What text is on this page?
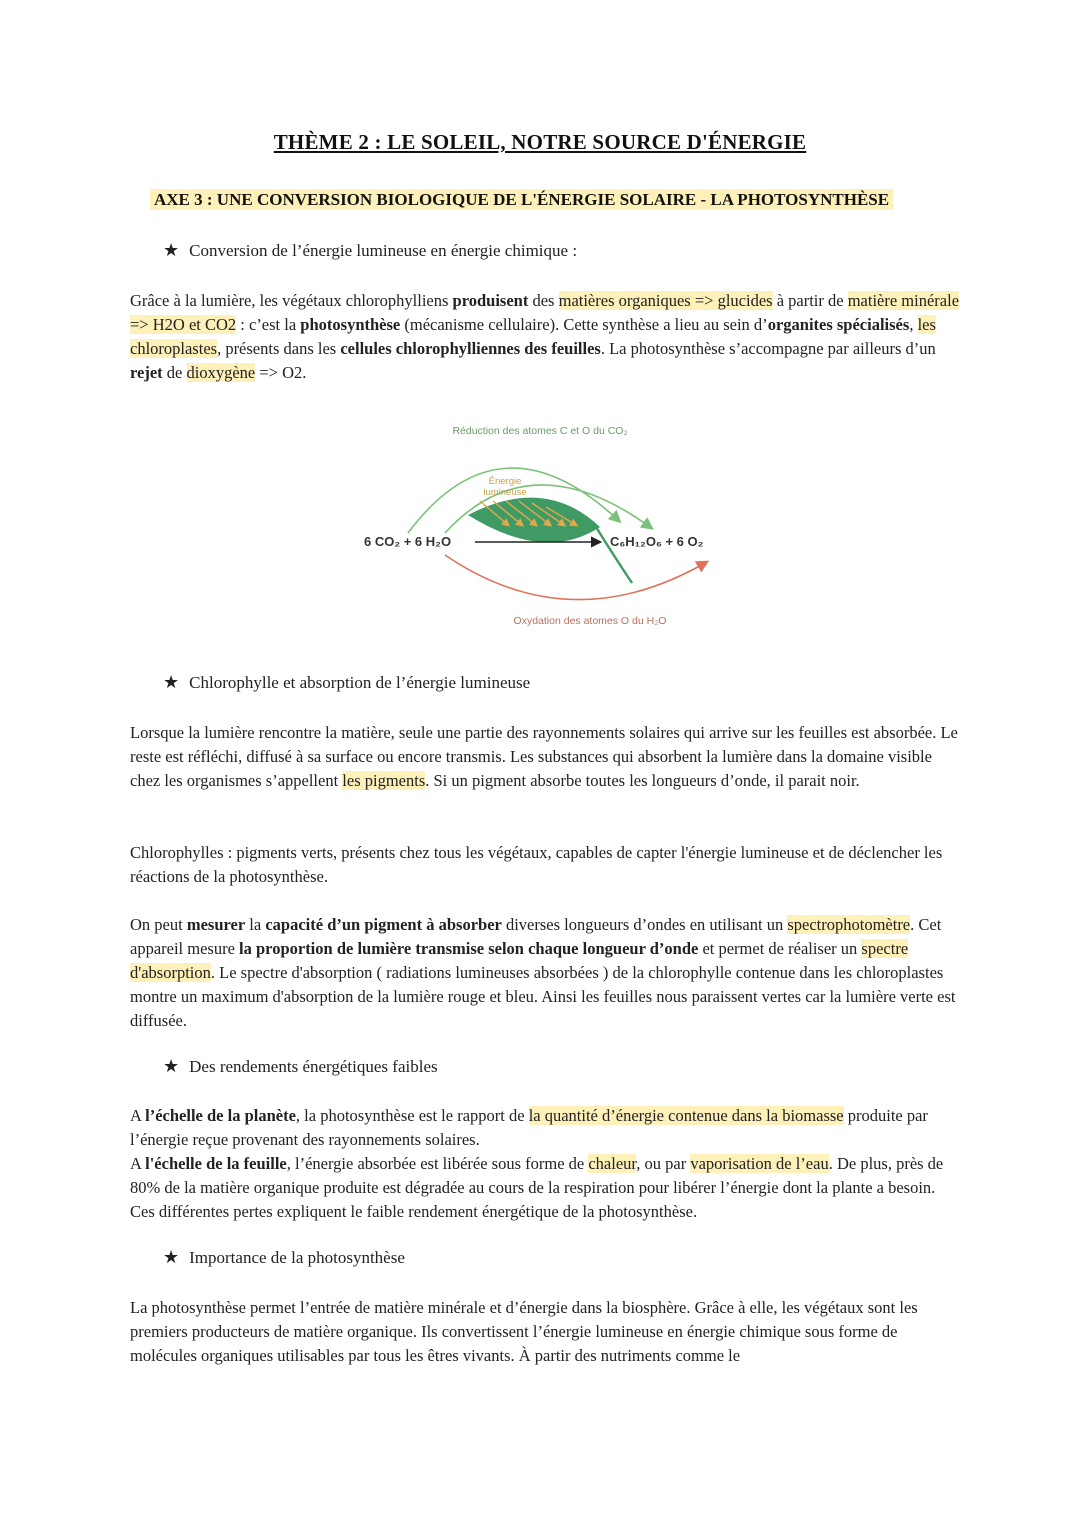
THÈME 2 : LE SOLEIL, NOTRE SOURCE D'ÉNERGIE
AXE 3 : UNE CONVERSION BIOLOGIQUE DE L'ÉNERGIE SOLAIRE - LA PHOTOSYNTHÈSE
★ Conversion de l’énergie lumineuse en énergie chimique :
Grâce à la lumière, les végétaux chlorophylliens produisent des matières organiques => glucides à partir de matière minérale => H2O et CO2 : c’est la photosynthèse (mécanisme cellulaire). Cette synthèse a lieu au sein d’organites spécialisés, les chloroplastes, présents dans les cellules chlorophylliennes des feuilles. La photosynthèse s’accompagne par ailleurs d’un rejet de dioxygène => O2.
Réduction des atomes C et O du CO₂
Énergie
lumineuse
6 CO₂ + 6 H₂O	C₆H₁₂O₆ + 6 O₂
Oxydation des atomes O du H₂O
★ Chlorophylle et absorption de l’énergie lumineuse
Lorsque la lumière rencontre la matière, seule une partie des rayonnements solaires qui arrive sur les feuilles est absorbée. Le reste est réfléchi, diffusé à sa surface ou encore transmis. Les substances qui absorbent la lumière dans la domaine visible chez les organismes s’appellent les pigments. Si un pigment absorbe toutes les longueurs d’onde, il parait noir.
Chlorophylles : pigments verts, présents chez tous les végétaux, capables de capter l'énergie lumineuse et de déclencher les réactions de la photosynthèse.
On peut mesurer la capacité d’un pigment à absorber diverses longueurs d’ondes en utilisant un spectrophotomètre. Cet appareil mesure la proportion de lumière transmise selon chaque longueur d’onde et permet de réaliser un spectre d'absorption. Le spectre d'absorption ( radiations lumineuses absorbées ) de la chlorophylle contenue dans les chloroplastes montre un maximum d'absorption de la lumière rouge et bleu. Ainsi les feuilles nous paraissent vertes car la lumière verte est diffusée.
★ Des rendements énergétiques faibles
A l’échelle de la planète, la photosynthèse est le rapport de la quantité d’énergie contenue dans la biomasse produite par l’énergie reçue provenant des rayonnements solaires.
A l'échelle de la feuille, l’énergie absorbée est libérée sous forme de chaleur, ou par vaporisation de l’eau. De plus, près de 80% de la matière organique produite est dégradée au cours de la respiration pour libérer l’énergie dont la plante a besoin. Ces différentes pertes expliquent le faible rendement énergétique de la photosynthèse.
★ Importance de la photosynthèse
La photosynthèse permet l’entrée de matière minérale et d’énergie dans la biosphère. Grâce à elle, les végétaux sont les premiers producteurs de matière organique. Ils convertissent l’énergie lumineuse en énergie chimique sous forme de molécules organiques utilisables par tous les êtres vivants. À partir des nutriments comme le
